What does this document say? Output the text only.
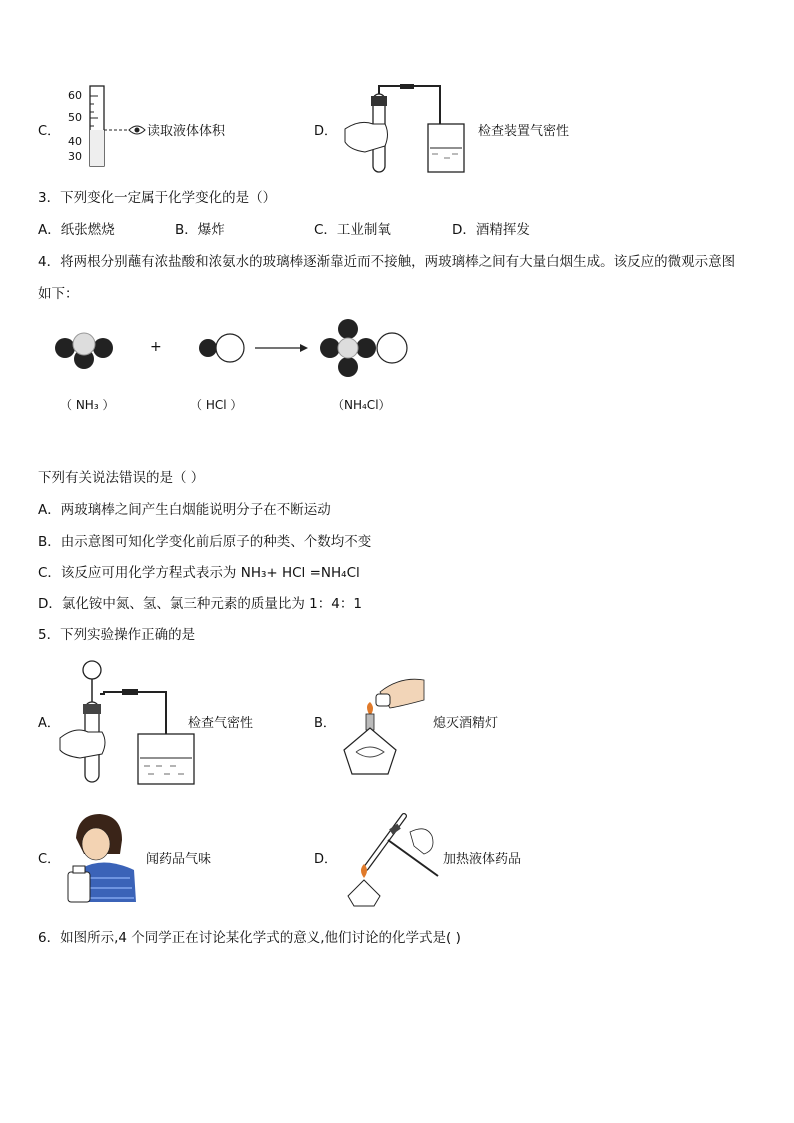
C．
60
50
40
30
读取液体体积	D．	检查装置气密性
3．下列变化一定属于化学变化的是（）
A．纸张燃烧	B．爆炸	C．工业制氧	D．酒精挥发
4．将两根分别蘸有浓盐酸和浓氨水的玻璃棒逐渐靠近而不接触，两玻璃棒之间有大量白烟生成。该反应的微观示意图
如下：
+
（ NH₃ ）	（ HCl ）	（NH₄Cl）
下列有关说法错误的是（ ）
A．两玻璃棒之间产生白烟能说明分子在不断运动
B．由示意图可知化学变化前后原子的种类、个数均不变
C．该反应可用化学方程式表示为 NH₃+ HCl =NH₄Cl
D．氯化铵中氮、氢、氯三种元素的质量比为 1：4：1
5．下列实验操作正确的是
A．	检查气密性	B．	熄灭酒精灯
C．	闻药品气味	D．	加热液体药品
6．如图所示,4 个同学正在讨论某化学式的意义,他们讨论的化学式是( )
